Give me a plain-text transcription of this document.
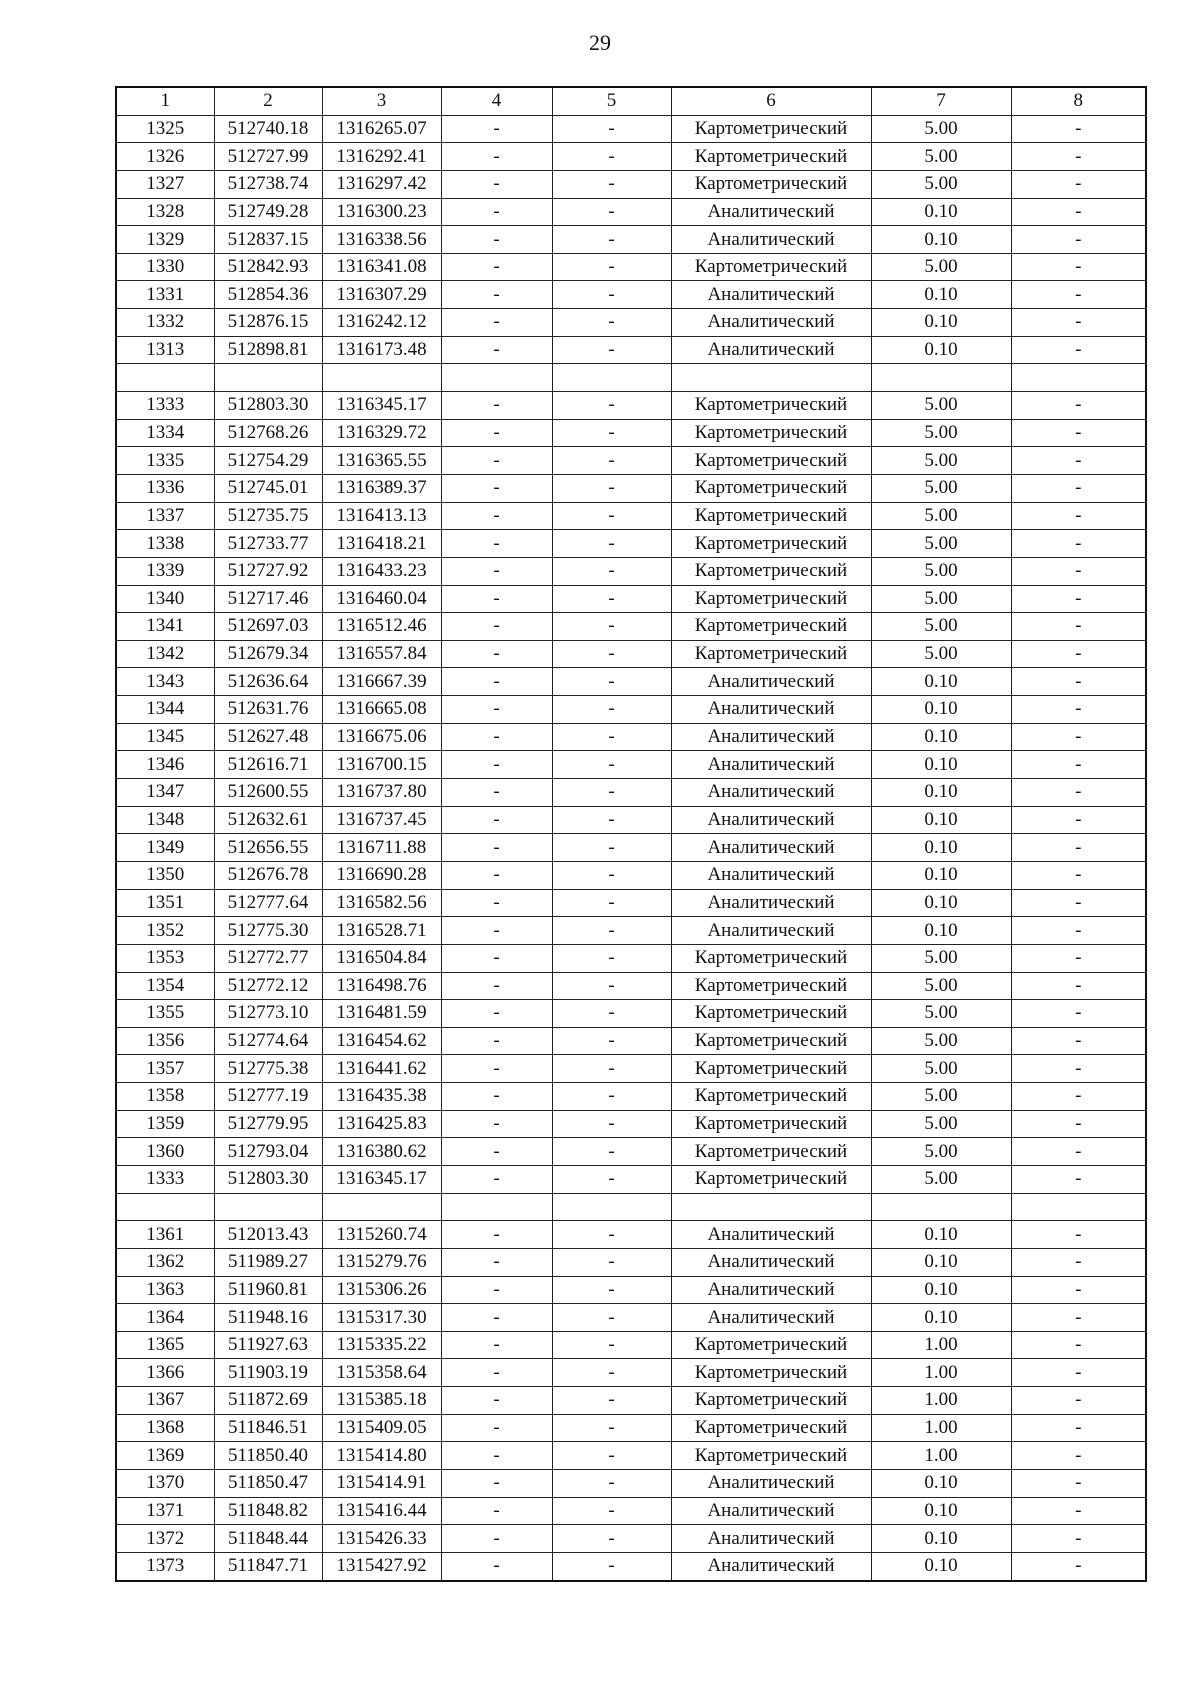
29
1	2	3	4	5	6	7	8
1325	512740.18	1316265.07	-	-	Картометрический	5.00	-
1326	512727.99	1316292.41	-	-	Картометрический	5.00	-
1327	512738.74	1316297.42	-	-	Картометрический	5.00	-
1328	512749.28	1316300.23	-	-	Аналитический	0.10	-
1329	512837.15	1316338.56	-	-	Аналитический	0.10	-
1330	512842.93	1316341.08	-	-	Картометрический	5.00	-
1331	512854.36	1316307.29	-	-	Аналитический	0.10	-
1332	512876.15	1316242.12	-	-	Аналитический	0.10	-
1313	512898.81	1316173.48	-	-	Аналитический	0.10	-

1333	512803.30	1316345.17	-	-	Картометрический	5.00	-
1334	512768.26	1316329.72	-	-	Картометрический	5.00	-
1335	512754.29	1316365.55	-	-	Картометрический	5.00	-
1336	512745.01	1316389.37	-	-	Картометрический	5.00	-
1337	512735.75	1316413.13	-	-	Картометрический	5.00	-
1338	512733.77	1316418.21	-	-	Картометрический	5.00	-
1339	512727.92	1316433.23	-	-	Картометрический	5.00	-
1340	512717.46	1316460.04	-	-	Картометрический	5.00	-
1341	512697.03	1316512.46	-	-	Картометрический	5.00	-
1342	512679.34	1316557.84	-	-	Картометрический	5.00	-
1343	512636.64	1316667.39	-	-	Аналитический	0.10	-
1344	512631.76	1316665.08	-	-	Аналитический	0.10	-
1345	512627.48	1316675.06	-	-	Аналитический	0.10	-
1346	512616.71	1316700.15	-	-	Аналитический	0.10	-
1347	512600.55	1316737.80	-	-	Аналитический	0.10	-
1348	512632.61	1316737.45	-	-	Аналитический	0.10	-
1349	512656.55	1316711.88	-	-	Аналитический	0.10	-
1350	512676.78	1316690.28	-	-	Аналитический	0.10	-
1351	512777.64	1316582.56	-	-	Аналитический	0.10	-
1352	512775.30	1316528.71	-	-	Аналитический	0.10	-
1353	512772.77	1316504.84	-	-	Картометрический	5.00	-
1354	512772.12	1316498.76	-	-	Картометрический	5.00	-
1355	512773.10	1316481.59	-	-	Картометрический	5.00	-
1356	512774.64	1316454.62	-	-	Картометрический	5.00	-
1357	512775.38	1316441.62	-	-	Картометрический	5.00	-
1358	512777.19	1316435.38	-	-	Картометрический	5.00	-
1359	512779.95	1316425.83	-	-	Картометрический	5.00	-
1360	512793.04	1316380.62	-	-	Картометрический	5.00	-
1333	512803.30	1316345.17	-	-	Картометрический	5.00	-

1361	512013.43	1315260.74	-	-	Аналитический	0.10	-
1362	511989.27	1315279.76	-	-	Аналитический	0.10	-
1363	511960.81	1315306.26	-	-	Аналитический	0.10	-
1364	511948.16	1315317.30	-	-	Аналитический	0.10	-
1365	511927.63	1315335.22	-	-	Картометрический	1.00	-
1366	511903.19	1315358.64	-	-	Картометрический	1.00	-
1367	511872.69	1315385.18	-	-	Картометрический	1.00	-
1368	511846.51	1315409.05	-	-	Картометрический	1.00	-
1369	511850.40	1315414.80	-	-	Картометрический	1.00	-
1370	511850.47	1315414.91	-	-	Аналитический	0.10	-
1371	511848.82	1315416.44	-	-	Аналитический	0.10	-
1372	511848.44	1315426.33	-	-	Аналитический	0.10	-
1373	511847.71	1315427.92	-	-	Аналитический	0.10	-
